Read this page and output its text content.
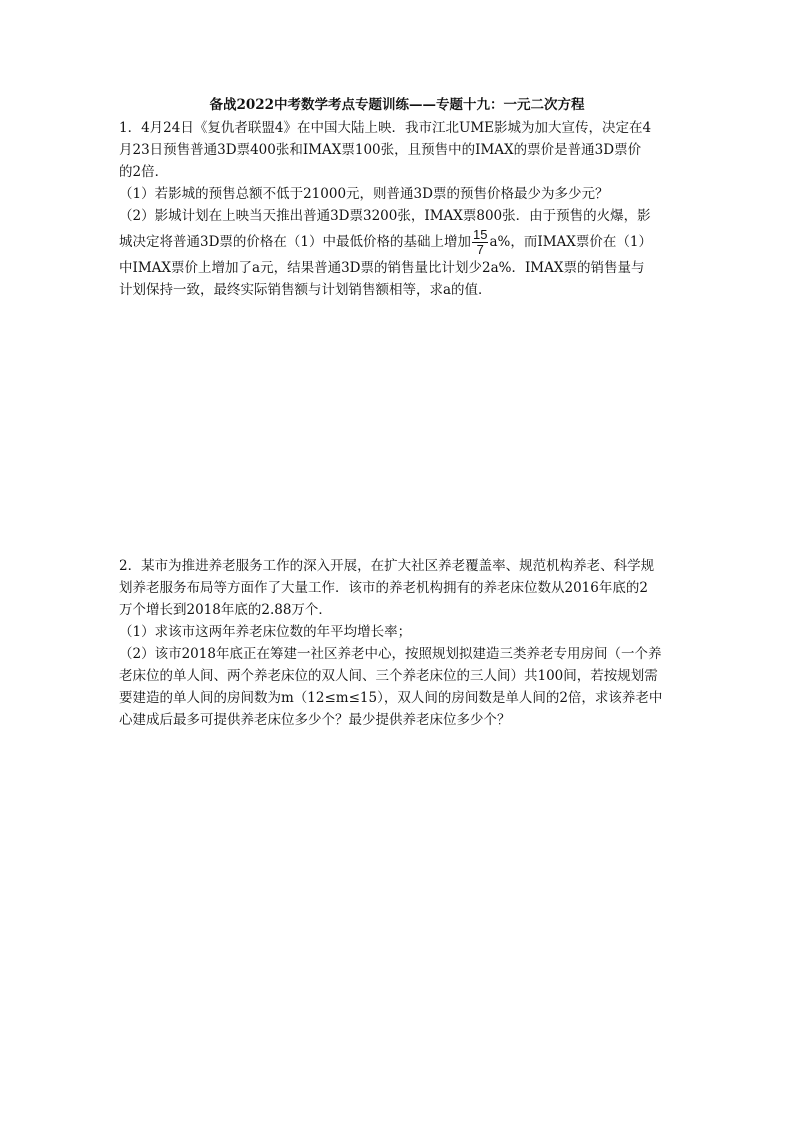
备战2022中考数学考点专题训练——专题十九：一元二次方程

1．4月24日《复仇者联盟4》在中国大陆上映．我市江北UME影城为加大宣传，决定在4

月23日预售普通3D票400张和IMAX票100张，且预售中的IMAX的票价是普通3D票价

的2倍．

（1）若影城的预售总额不低于21000元，则普通3D票的预售价格最少为多少元？

（2）影城计划在上映当天推出普通3D票3200张，IMAX票800张．由于预售的火爆，影

城决定将普通3D票的价格在（1）中最低价格的基础上增加 $\frac{15}{7} a\%$，而IMAX票价在（1）

中IMAX票价上增加了a元，结果普通3D票的销售量比计划少2a%．IMAX票的销售量与

计划保持一致，最终实际销售额与计划销售额相等，求a的值．

2．某市为推进养老服务工作的深入开展，在扩大社区养老覆盖率、规范机构养老、科学规

划养老服务布局等方面作了大量工作．该市的养老机构拥有的养老床位数从2016年底的2

万个增长到2018年底的2.88万个．

（1）求该市这两年养老床位数的年平均增长率；

（2）该市2018年底正在筹建一社区养老中心，按照规划拟建造三类养老专用房间（一个养

老床位的单人间、两个养老床位的双人间、三个养老床位的三人间）共100间，若按规划需

要建造的单人间的房间数为m（12≤m≤15），双人间的房间数是单人间的2倍，求该养老中

心建成后最多可提供养老床位多少个？最少提供养老床位多少个？
